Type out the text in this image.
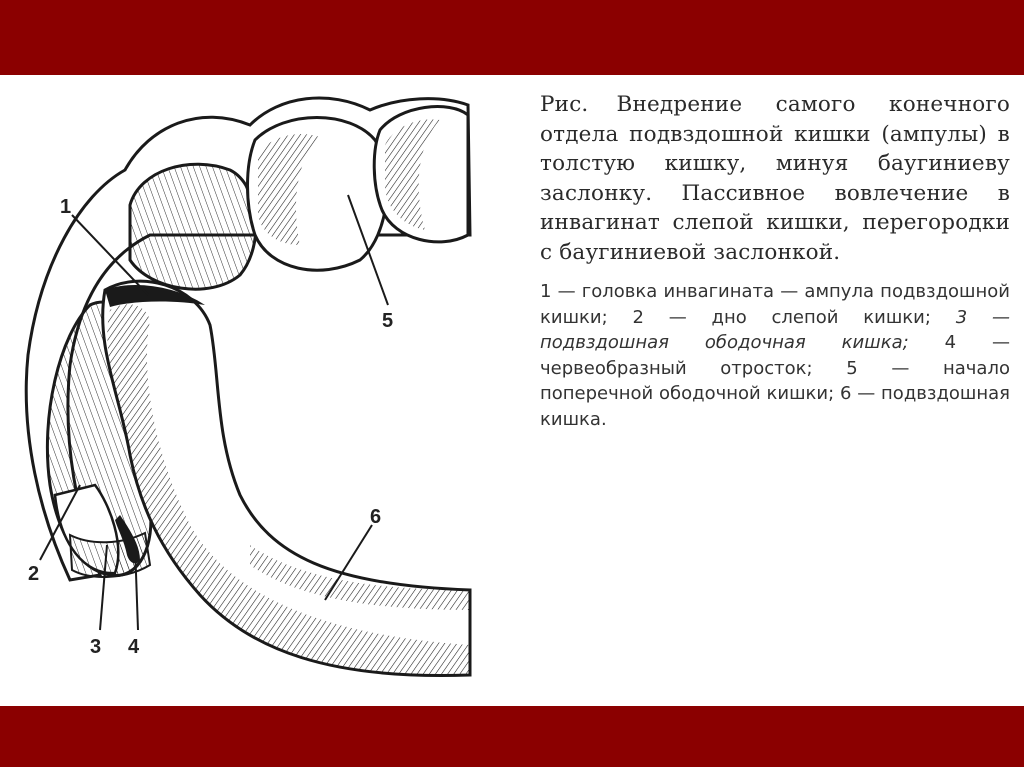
1
2
3 4
5
6

Рис. Внедрение самого конечного отдела подвздошной кишки (ампулы) в толстую кишку, минуя баугиниеву заслонку. Пассивное вовлечение в инвагинат слепой кишки, перегородки с баугиниевой заслонкой.

1 — головка инвагината — ампула подвздошной кишки; 2 — дно слепой кишки; 3 — подвздошная ободочная кишка; 4 — червеобразный отросток; 5 — начало поперечной ободочной кишки; 6 — подвздошная кишка.
